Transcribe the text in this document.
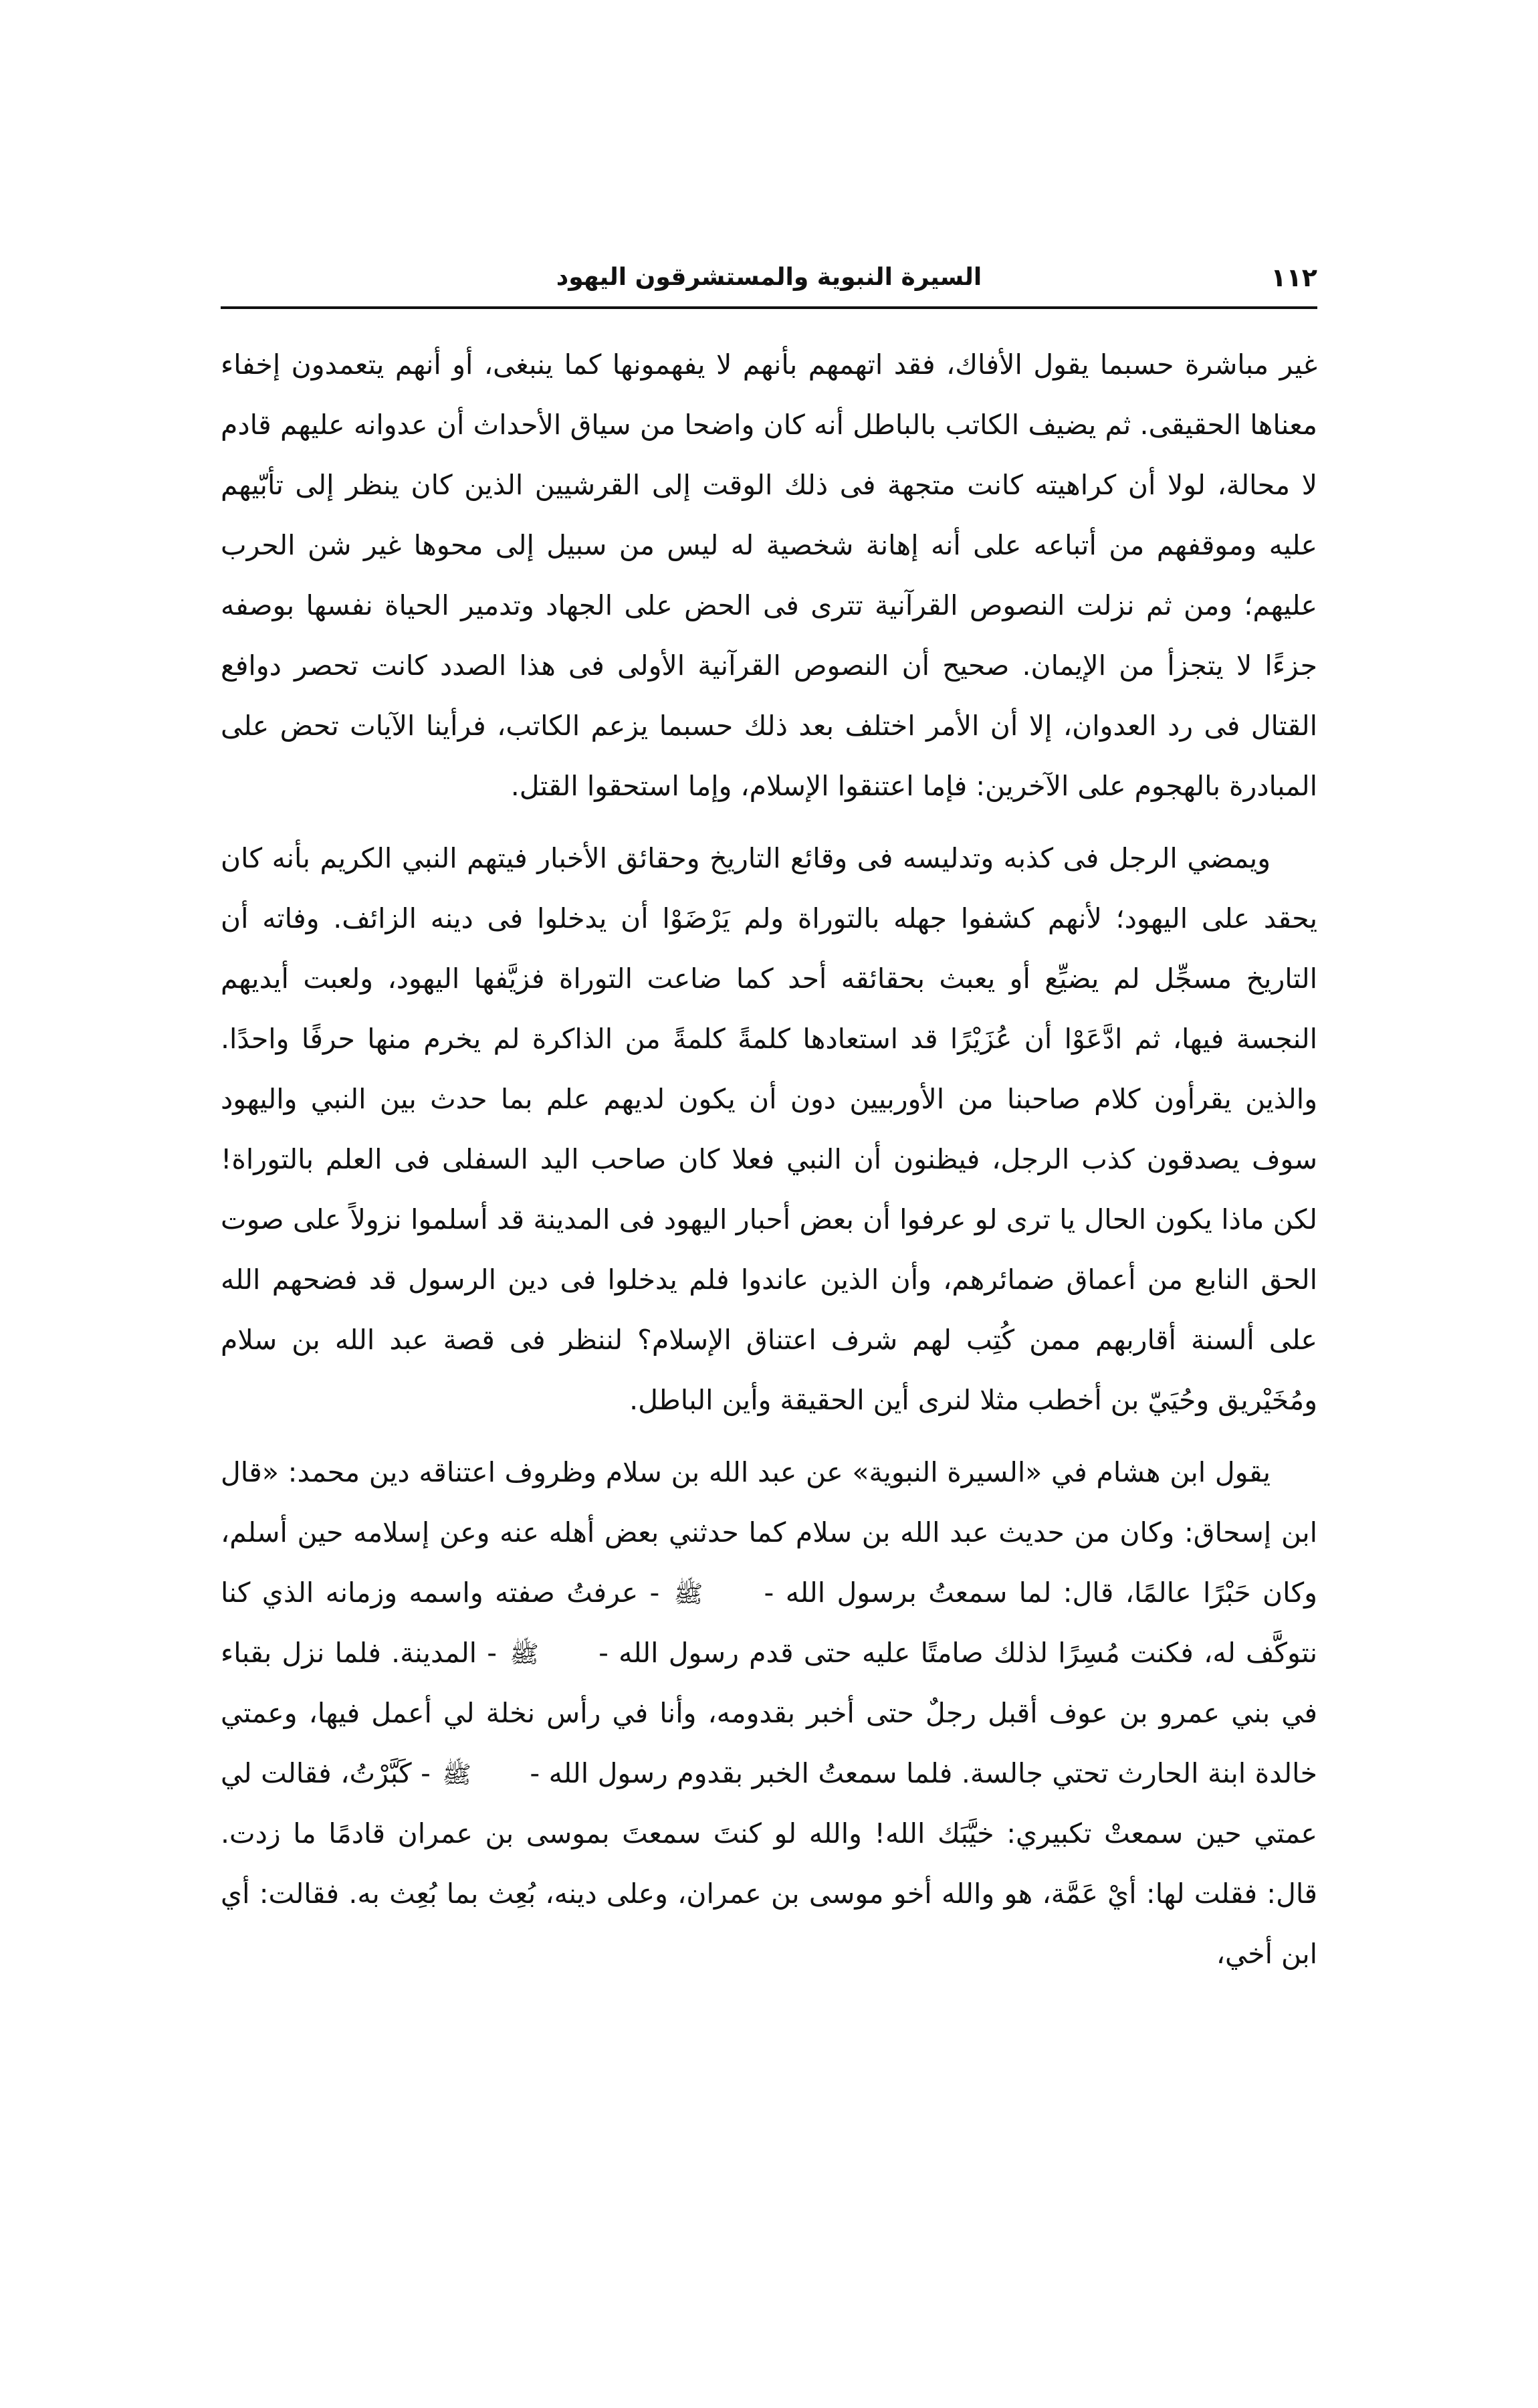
١١٢
السيرة النبوية والمستشرقون اليهود

غير مباشرة حسبما يقول الأفاك، فقد اتهمهم بأنهم لا يفهمونها كما ينبغى، أو أنهم يتعمدون إخفاء معناها الحقيقى. ثم يضيف الكاتب بالباطل أنه كان واضحا من سياق الأحداث أن عدوانه عليهم قادم لا محالة، لولا أن كراهيته كانت متجهة فى ذلك الوقت إلى القرشيين الذين كان ينظر إلى تأبّيهم عليه وموقفهم من أتباعه على أنه إهانة شخصية له ليس من سبيل إلى محوها غير شن الحرب عليهم؛ ومن ثم نزلت النصوص القرآنية تترى فى الحض على الجهاد وتدمير الحياة نفسها بوصفه جزءًا لا يتجزأ من الإيمان. صحيح أن النصوص القرآنية الأولى فى هذا الصدد كانت تحصر دوافع القتال فى رد العدوان، إلا أن الأمر اختلف بعد ذلك حسبما يزعم الكاتب، فرأينا الآيات تحض على المبادرة بالهجوم على الآخرين: فإما اعتنقوا الإسلام، وإما استحقوا القتل.

ويمضي الرجل فى كذبه وتدليسه فى وقائع التاريخ وحقائق الأخبار فيتهم النبي الكريم بأنه كان يحقد على اليهود؛ لأنهم كشفوا جهله بالتوراة ولم يَرْضَوْا أن يدخلوا فى دينه الزائف. وفاته أن التاريخ مسجِّل لم يضيِّع أو يعبث بحقائقه أحد كما ضاعت التوراة فزيَّفها اليهود، ولعبت أيديهم النجسة فيها، ثم ادَّعَوْا أن عُزَيْرًا قد استعادها كلمةً كلمةً من الذاكرة لم يخرم منها حرفًا واحدًا. والذين يقرأون كلام صاحبنا من الأوربيين دون أن يكون لديهم علم بما حدث بين النبي واليهود سوف يصدقون كذب الرجل، فيظنون أن النبي فعلا كان صاحب اليد السفلى فى العلم بالتوراة! لكن ماذا يكون الحال يا ترى لو عرفوا أن بعض أحبار اليهود فى المدينة قد أسلموا نزولاً على صوت الحق النابع من أعماق ضمائرهم، وأن الذين عاندوا فلم يدخلوا فى دين الرسول قد فضحهم الله على ألسنة أقاربهم ممن كُتِب لهم شرف اعتناق الإسلام؟ لننظر فى قصة عبد الله بن سلام ومُخَيْريق وحُيَيّ بن أخطب مثلا لنرى أين الحقيقة وأين الباطل.

يقول ابن هشام في «السيرة النبوية» عن عبد الله بن سلام وظروف اعتناقه دين محمد: «قال ابن إسحاق: وكان من حديث عبد الله بن سلام كما حدثني بعض أهله عنه وعن إسلامه حين أسلم، وكان حَبْرًا عالمًا، قال: لما سمعتُ برسول الله - ﷺ - عرفتُ صفته واسمه وزمانه الذي كنا نتوكَّف له، فكنت مُسِرًا لذلك صامتًا عليه حتى قدم رسول الله - ﷺ - المدينة. فلما نزل بقباء في بني عمرو بن عوف أقبل رجلٌ حتى أخبر بقدومه، وأنا في رأس نخلة لي أعمل فيها، وعمتي خالدة ابنة الحارث تحتي جالسة. فلما سمعتُ الخبر بقدوم رسول الله - ﷺ - كَبَّرْتُ، فقالت لي عمتي حين سمعتْ تكبيري: خيَّبَك الله! والله لو كنتَ سمعتَ بموسى بن عمران قادمًا ما زدت. قال: فقلت لها: أيْ عَمَّة، هو والله أخو موسى بن عمران، وعلى دينه، بُعِث بما بُعِث به. فقالت: أي ابن أخي،
